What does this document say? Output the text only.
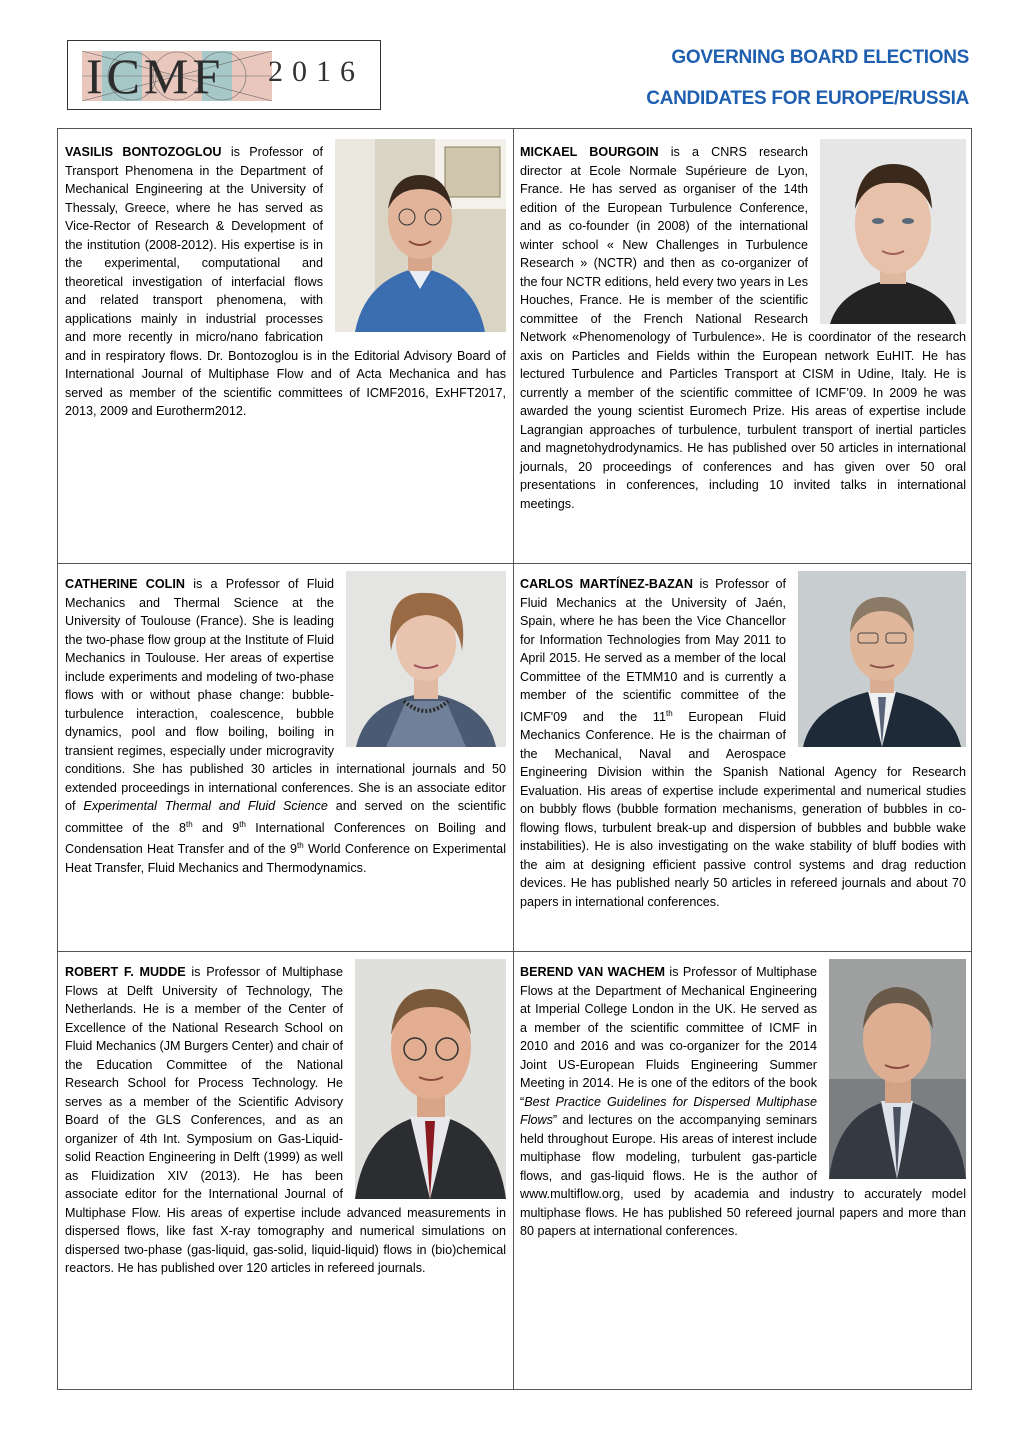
ICMF 2016	GOVERNING BOARD ELECTIONS
CANDIDATES FOR EUROPE/RUSSIA
VASILIS BONTOZOGLOU is Professor of Transport Phenomena in the Department of Mechanical Engineering at the University of Thessaly, Greece, where he has served as Vice-Rector of Research & Development of the institution (2008-2012). His expertise is in the experimental, computational and theoretical investigation of interfacial flows and related transport phenomena, with applications mainly in industrial processes and more recently in micro/nano fabrication and in respiratory flows. Dr. Bontozoglou is in the Editorial Advisory Board of International Journal of Multiphase Flow and of Acta Mechanica and has served as member of the scientific committees of ICMF2016, ExHFT2017, 2013, 2009 and Eurotherm2012.
MICKAEL BOURGOIN is a CNRS research director at Ecole Normale Supérieure de Lyon, France. He has served as organiser of the 14th edition of the European Turbulence Conference, and as co-founder (in 2008) of the international winter school « New Challenges in Turbulence Research » (NCTR) and then as co-organizer of the four NCTR editions, held every two years in Les Houches, France. He is member of the scientific committee of the French National Research Network «Phenomenology of Turbulence». He is coordinator of the research axis on Particles and Fields within the European network EuHIT. He has lectured Turbulence and Particles Transport at CISM in Udine, Italy. He is currently a member of the scientific committee of ICMF’09. In 2009 he was awarded the young scientist Euromech Prize. His areas of expertise include Lagrangian approaches of turbulence, turbulent transport of inertial particles and magnetohydrodynamics. He has published over 50 articles in international journals, 20 proceedings of conferences and has given over 50 oral presentations in conferences, including 10 invited talks in international meetings.
CATHERINE COLIN is a Professor of Fluid Mechanics and Thermal Science at the University of Toulouse (France). She is leading the two-phase flow group at the Institute of Fluid Mechanics in Toulouse. Her areas of expertise include experiments and modeling of two-phase flows with or without phase change: bubble-turbulence interaction, coalescence, bubble dynamics, pool and flow boiling, boiling in transient regimes, especially under microgravity conditions. She has published 30 articles in international journals and 50 extended proceedings in international conferences. She is an associate editor of Experimental Thermal and Fluid Science and served on the scientific committee of the 8th and 9th International Conferences on Boiling and Condensation Heat Transfer and of the 9th World Conference on Experimental Heat Transfer, Fluid Mechanics and Thermodynamics.
CARLOS MARTÍNEZ-BAZAN is Professor of Fluid Mechanics at the University of Jaén, Spain, where he has been the Vice Chancellor for Information Technologies from May 2011 to April 2015. He served as a member of the local Committee of the ETMM10 and is currently a member of the scientific committee of the ICMF'09 and the 11th European Fluid Mechanics Conference. He is the chairman of the Mechanical, Naval and Aerospace Engineering Division within the Spanish National Agency for Research Evaluation. His areas of expertise include experimental and numerical studies on bubbly flows (bubble formation mechanisms, generation of bubbles in co-flowing flows, turbulent break-up and dispersion of bubbles and bubble wake instabilities). He is also investigating on the wake stability of bluff bodies with the aim at designing efficient passive control systems and drag reduction devices. He has published nearly 50 articles in refereed journals and about 70 papers in international conferences.
ROBERT F. MUDDE is Professor of Multiphase Flows at Delft University of Technology, The Netherlands. He is a member of the Center of Excellence of the National Research School on Fluid Mechanics (JM Burgers Center) and chair of the Education Committee of the National Research School for Process Technology. He serves as a member of the Scientific Advisory Board of the GLS Conferences, and as an organizer of 4th Int. Symposium on Gas-Liquid-solid Reaction Engineering in Delft (1999) as well as Fluidization XIV (2013). He has been associate editor for the International Journal of Multiphase Flow. His areas of expertise include advanced measurements in dispersed flows, like fast X-ray tomography and numerical simulations on dispersed two-phase (gas-liquid, gas-solid, liquid-liquid) flows in (bio)chemical reactors. He has published over 120 articles in refereed journals.
BEREND VAN WACHEM is Professor of Multiphase Flows at the Department of Mechanical Engineering at Imperial College London in the UK. He served as a member of the scientific committee of ICMF in 2010 and 2016 and was co-organizer for the 2014 Joint US-European Fluids Engineering Summer Meeting in 2014. He is one of the editors of the book “Best Practice Guidelines for Dispersed Multiphase Flows” and lectures on the accompanying seminars held throughout Europe. His areas of interest include multiphase flow modeling, turbulent gas-particle flows, and gas-liquid flows. He is the author of www.multiflow.org, used by academia and industry to accurately model multiphase flows. He has published 50 refereed journal papers and more than 80 papers at international conferences.
